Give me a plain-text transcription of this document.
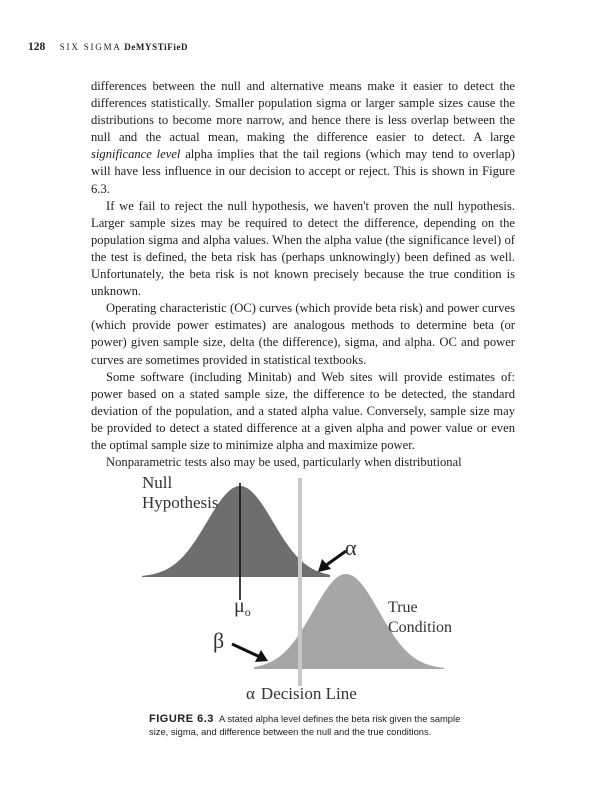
128 SIX SIGMA DeMYSTiFieD

differences between the null and alternative means make it easier to detect the differences statistically. Smaller population sigma or larger sample sizes cause the distributions to become more narrow, and hence there is less overlap between the null and the actual mean, making the difference easier to detect. A large significance level alpha implies that the tail regions (which may tend to overlap) will have less influence in our decision to accept or reject. This is shown in Figure 6.3.

If we fail to reject the null hypothesis, we haven't proven the null hypothesis. Larger sample sizes may be required to detect the difference, depending on the population sigma and alpha values. When the alpha value (the significance level) of the test is defined, the beta risk has (perhaps unknowingly) been defined as well. Unfortunately, the beta risk is not known precisely because the true condition is unknown.

Operating characteristic (OC) curves (which provide beta risk) and power curves (which provide power estimates) are analogous methods to determine beta (or power) given sample size, delta (the difference), sigma, and alpha. OC and power curves are sometimes provided in statistical textbooks.

Some software (including Minitab) and Web sites will provide estimates of: power based on a stated sample size, the difference to be detected, the standard deviation of the population, and a stated alpha value. Conversely, sample size may be provided to detect a stated difference at a given alpha and power value or even the optimal sample size to minimize alpha and maximize power.

Nonparametric tests also may be used, particularly when distributional

Null
Hypothesis
α
$\mu_o$	True
Condition
β
α Decision Line
FIGURE 6.3 A stated alpha level defines the beta risk given the sample size, sigma, and difference between the null and the true conditions.
